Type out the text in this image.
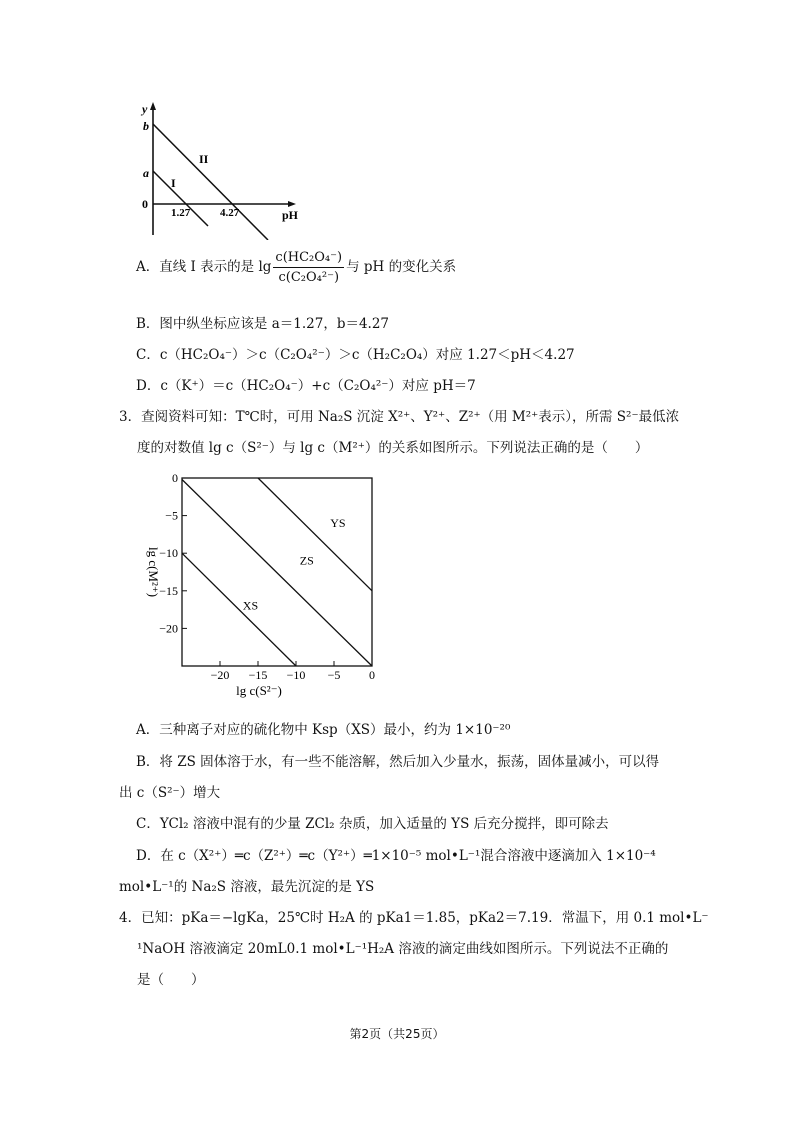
y
b
a
0
1.27	4.27	pH
I
II
A．直线 I 表示的是 $\lg \frac{\text{c(HC₂O₄⁻)}}{\text{c(C₂O₄²⁻)}}$ 与 pH 的变化关系
B．图中纵坐标应该是 a＝1.27，b＝4.27
C．c（HC₂O₄⁻）＞c（C₂O₄²⁻）＞c（H₂C₂O₄）对应 1.27＜pH＜4.27
D．c（K⁺）＝c（HC₂O₄⁻）+c（C₂O₄²⁻）对应 pH＝7
3．查阅资料可知：T℃时，可用 Na₂S 沉淀 X²⁺、Y²⁺、Z²⁺（用 M²⁺表示），所需 S²⁻最低浓
度的对数值 lg c（S²⁻）与 lg c（M²⁺）的关系如图所示。下列说法正确的是（　　）
−20 −15 −10 −5 0
0
−5
−10
−15
−20
XS
ZS
YS
lg c(S²⁻)
lg c(M²⁺)
A．三种离子对应的硫化物中 Ksp（XS）最小，约为 1×10⁻²⁰
B．将 ZS 固体溶于水，有一些不能溶解，然后加入少量水，振荡，固体量减小，可以得
出 c（S²⁻）增大
C．YCl₂ 溶液中混有的少量 ZCl₂ 杂质，加入适量的 YS 后充分搅拌，即可除去
D．在 c（X²⁺）═c（Z²⁺）═c（Y²⁺）═1×10⁻⁵ mol•L⁻¹混合溶液中逐滴加入 1×10⁻⁴
mol•L⁻¹的 Na₂S 溶液，最先沉淀的是 YS
4．已知：pKa＝−lgKa，25℃时 H₂A 的 pKa1＝1.85，pKa2＝7.19．常温下，用 0.1 mol•L⁻
¹NaOH 溶液滴定 20mL0.1 mol•L⁻¹H₂A 溶液的滴定曲线如图所示。下列说法不正确的
是（　　）
第2页（共25页）
